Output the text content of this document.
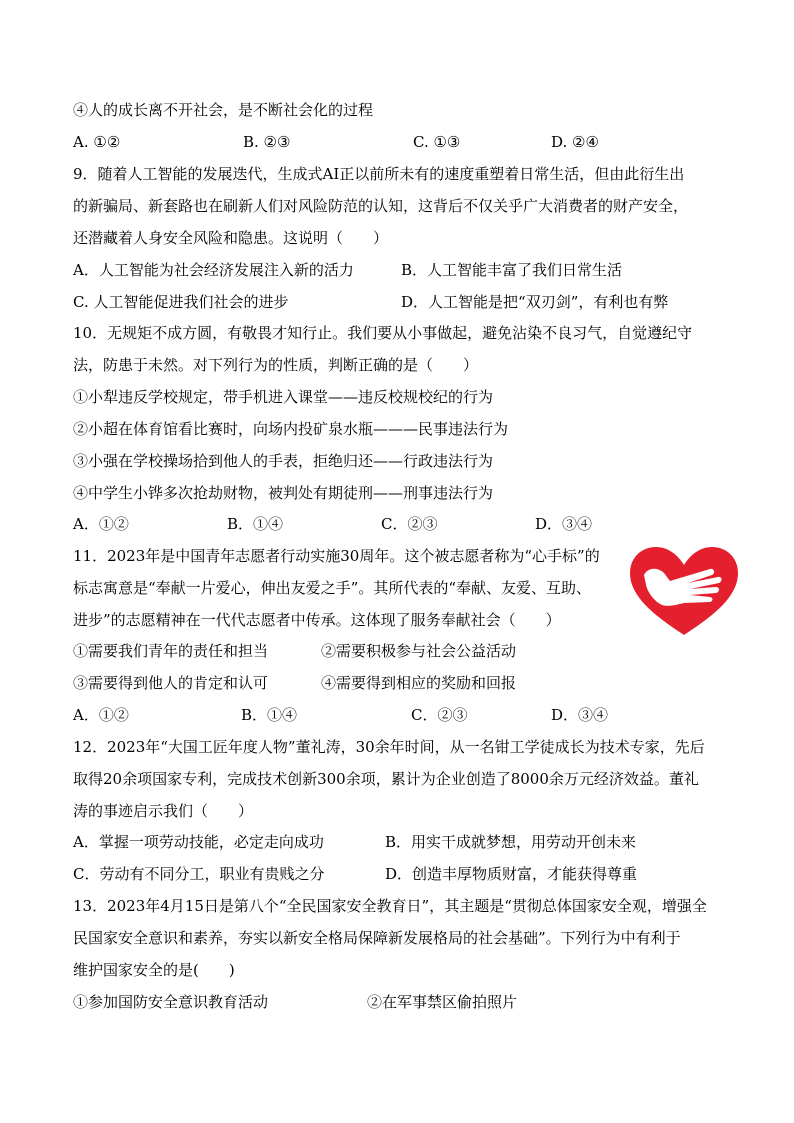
④人的成长离不开社会，是不断社会化的过程
A. ①②	B. ②③	C. ①③	D. ②④
9．随着人工智能的发展迭代，生成式AI正以前所未有的速度重塑着日常生活，但由此衍生出
的新骗局、新套路也在刷新人们对风险防范的认知，这背后不仅关乎广大消费者的财产安全，
还潜藏着人身安全风险和隐患。这说明（　　）
A．人工智能为社会经济发展注入新的活力	B．人工智能丰富了我们日常生活
C. 人工智能促进我们社会的进步	D．人工智能是把“双刃剑”，有利也有弊
10．无规矩不成方圆，有敬畏才知行止。我们要从小事做起，避免沾染不良习气，自觉遵纪守
法，防患于未然。对下列行为的性质，判断正确的是（　　）
①小犁违反学校规定，带手机进入课堂——违反校规校纪的行为
②小超在体育馆看比赛时，向场内投矿泉水瓶———民事违法行为
③小强在学校操场拾到他人的手表，拒绝归还——行政违法行为
④中学生小铧多次抢劫财物，被判处有期徒刑——刑事违法行为
A．①②	B．①④	C．②③	D．③④
11．2023年是中国青年志愿者行动实施30周年。这个被志愿者称为“心手标”的
标志寓意是“奉献一片爱心，伸出友爱之手”。其所代表的“奉献、友爱、互助、
进步”的志愿精神在一代代志愿者中传承。这体现了服务奉献社会（　　）
①需要我们青年的责任和担当	②需要积极参与社会公益活动
③需要得到他人的肯定和认可	④需要得到相应的奖励和回报
A．①②	B．①④	C．②③	D．③④
12．2023年“大国工匠年度人物”董礼涛，30余年时间，从一名钳工学徒成长为技术专家，先后
取得20余项国家专利，完成技术创新300余项，累计为企业创造了8000余万元经济效益。董礼
涛的事迹启示我们（　　）
A．掌握一项劳动技能，必定走向成功	B．用实干成就梦想，用劳动开创未来
C．劳动有不同分工，职业有贵贱之分	D．创造丰厚物质财富，才能获得尊重
13．2023年4月15日是第八个“全民国家安全教育日”，其主题是“贯彻总体国家安全观，增强全
民国家安全意识和素养，夯实以新安全格局保障新发展格局的社会基础”。下列行为中有利于
维护国家安全的是(　　)
①参加国防安全意识教育活动	②在军事禁区偷拍照片
